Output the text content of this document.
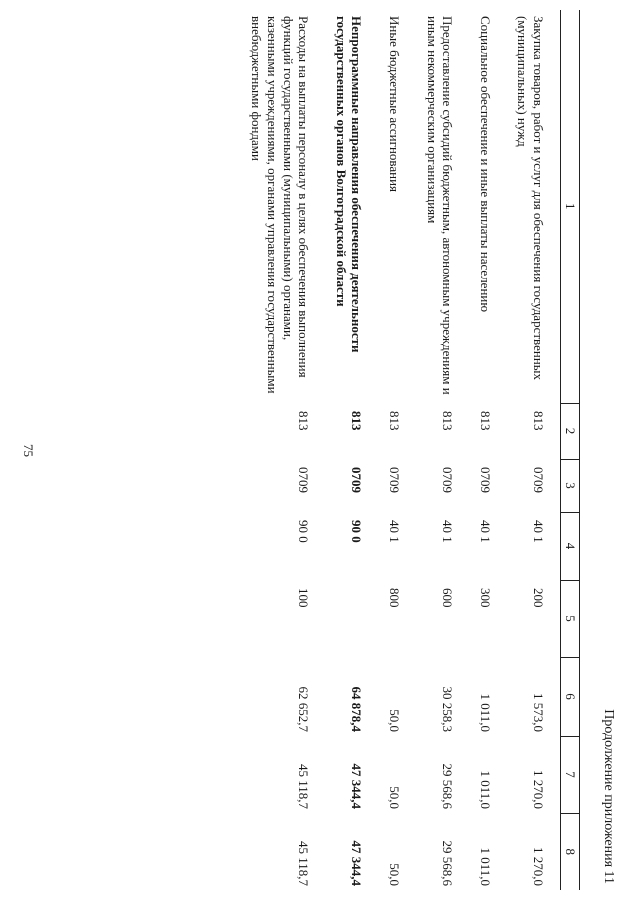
75
Продолжение приложения 11
1	2	3	4	5	6	7	8
Закупка товаров, работ и услуг для обеспечения государственных (муниципальных) нужд	813	0709	40 1	200	1 573,0	1 270,0	1 270,0
Социальное обеспечение и иные выплаты населению	813	0709	40 1	300	1 011,0	1 011,0	1 011,0
Предоставление субсидий бюджетным, автономным учреждениям и иным некоммерческим организациям	813	0709	40 1	600	30 258,3	29 568,6	29 568,6
Иные бюджетные ассигнования	813	0709	40 1	800	50,0	50,0	50,0
Непрограммные направления обеспечения деятельности государственных органов Волгоградской области	813	0709	90 0		64 878,4	47 344,4	47 344,4
Расходы на выплаты персоналу в целях обеспечения выполнения функций государственными (муниципальными) органами, казенными учреждениями, органами управления государственными внебюджетными фондами	813	0709	90 0	100	62 652,7	45 118,7	45 118,7
